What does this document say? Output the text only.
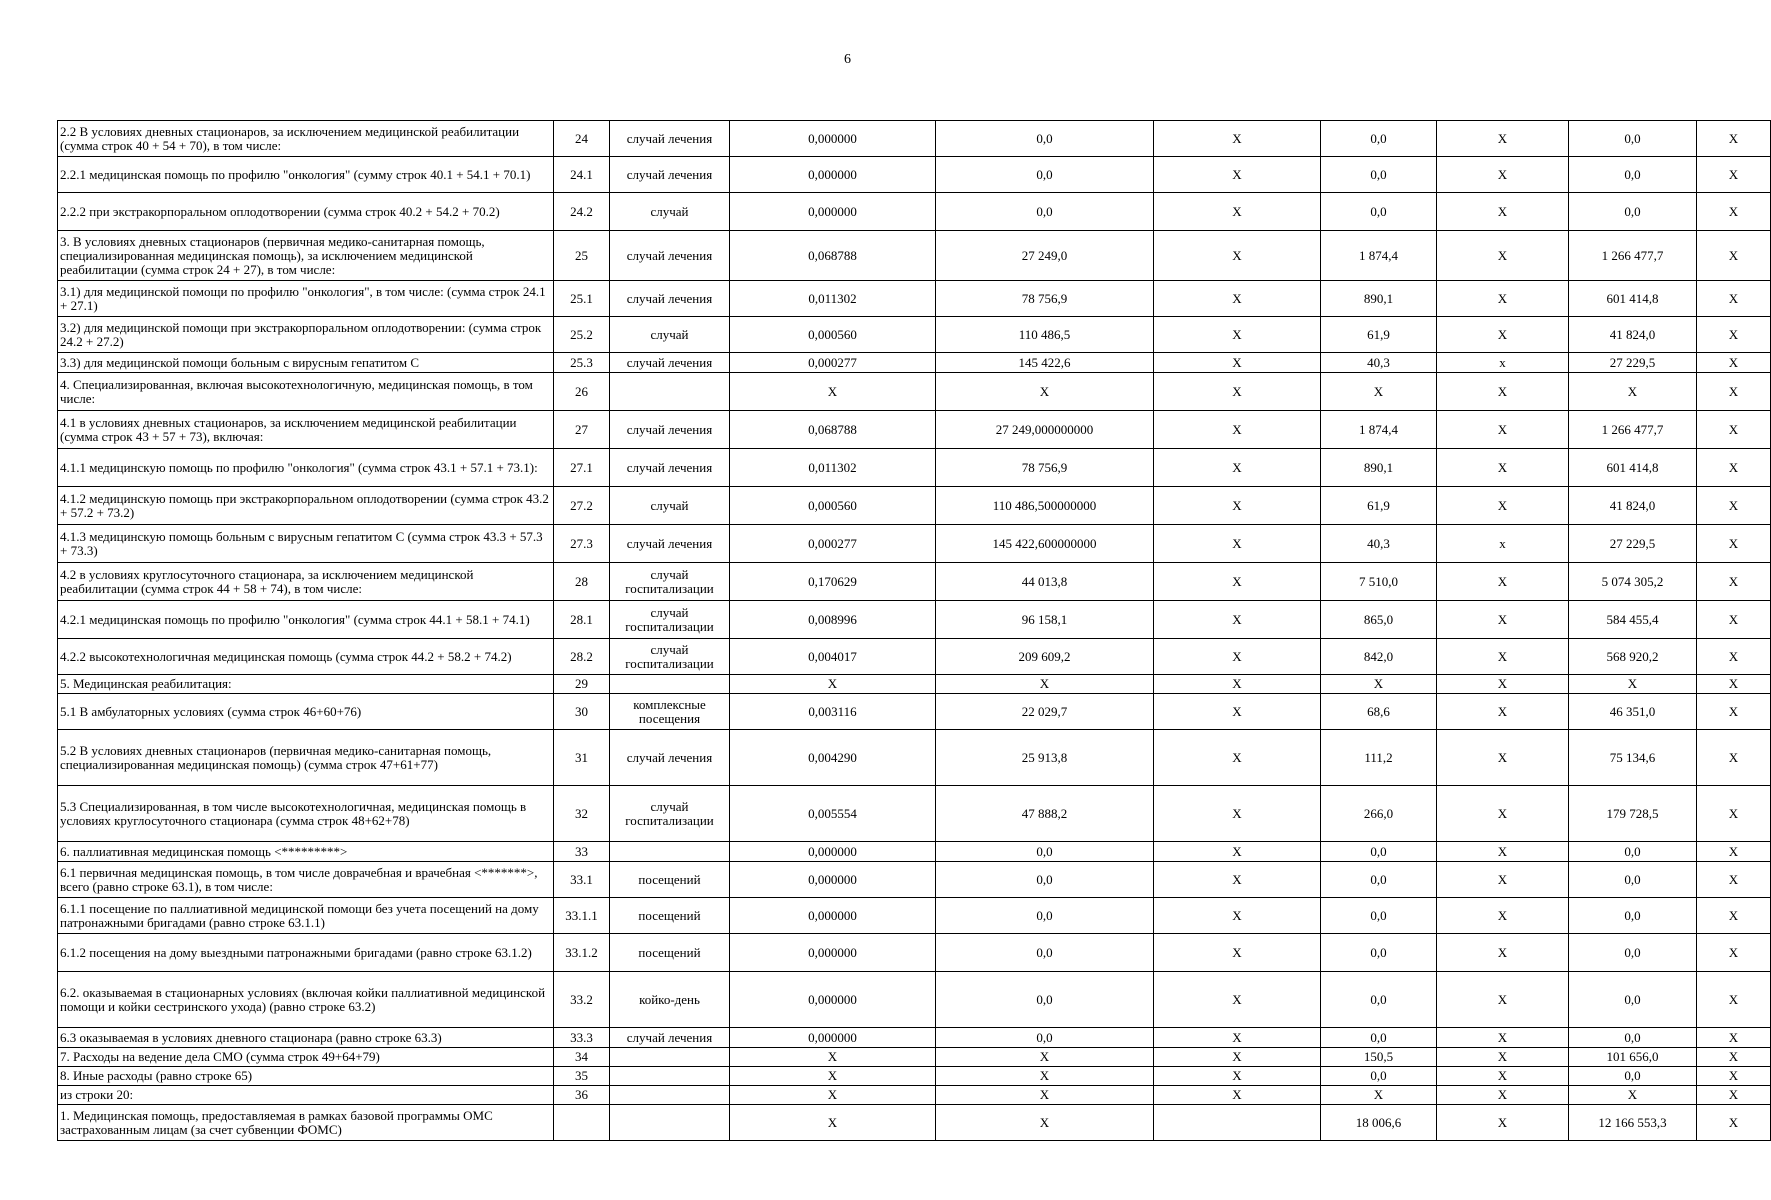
6
2.2 В условиях дневных стационаров, за исключением медицинской реабилитации (сумма строк 40 + 54 + 70), в том числе:	24	случай лечения	0,000000	0,0	X	0,0	X	0,0	X
2.2.1 медицинская помощь по профилю "онкология" (сумму строк 40.1 + 54.1 + 70.1)	24.1	случай лечения	0,000000	0,0	X	0,0	X	0,0	X
2.2.2 при экстракорпоральном оплодотворении (сумма строк 40.2 + 54.2 + 70.2)	24.2	случай	0,000000	0,0	X	0,0	X	0,0	X
3. В условиях дневных стационаров (первичная медико-санитарная помощь, специализированная медицинская помощь), за исключением медицинской реабилитации (сумма строк 24 + 27), в том числе:	25	случай лечения	0,068788	27 249,0	X	1 874,4	X	1 266 477,7	X
3.1) для медицинской помощи по профилю "онкология", в том числе: (сумма строк 24.1 + 27.1)	25.1	случай лечения	0,011302	78 756,9	X	890,1	X	601 414,8	X
3.2) для медицинской помощи при экстракорпоральном оплодотворении: (сумма строк 24.2 + 27.2)	25.2	случай	0,000560	110 486,5	X	61,9	X	41 824,0	X
3.3) для медицинской помощи больным с вирусным гепатитом С	25.3	случай лечения	0,000277	145 422,6	X	40,3	x	27 229,5	X
4. Специализированная, включая высокотехнологичную, медицинская помощь, в том числе:	26		X	X	X	X	X	X	X
4.1 в условиях дневных стационаров, за исключением медицинской реабилитации (сумма строк 43 + 57 + 73), включая:	27	случай лечения	0,068788	27 249,000000000	X	1 874,4	X	1 266 477,7	X
4.1.1 медицинскую помощь по профилю "онкология" (сумма строк 43.1 + 57.1 + 73.1):	27.1	случай лечения	0,011302	78 756,9	X	890,1	X	601 414,8	X
4.1.2 медицинскую помощь при экстракорпоральном оплодотворении (сумма строк 43.2 + 57.2 + 73.2)	27.2	случай	0,000560	110 486,500000000	X	61,9	X	41 824,0	X
4.1.3 медицинскую помощь больным с вирусным гепатитом С (сумма строк 43.3 + 57.3 + 73.3)	27.3	случай лечения	0,000277	145 422,600000000	X	40,3	x	27 229,5	X
4.2 в условиях круглосуточного стационара, за исключением медицинской реабилитации (сумма строк 44 + 58 + 74), в том числе:	28	случай госпитализации	0,170629	44 013,8	X	7 510,0	X	5 074 305,2	X
4.2.1 медицинская помощь по профилю "онкология" (сумма строк 44.1 + 58.1 + 74.1)	28.1	случай госпитализации	0,008996	96 158,1	X	865,0	X	584 455,4	X
4.2.2 высокотехнологичная медицинская помощь (сумма строк 44.2 + 58.2 + 74.2)	28.2	случай госпитализации	0,004017	209 609,2	X	842,0	X	568 920,2	X
5. Медицинская реабилитация:	29		X	X	X	X	X	X	X
5.1 В амбулаторных условиях (сумма строк 46+60+76)	30	комплексные посещения	0,003116	22 029,7	X	68,6	X	46 351,0	X
5.2 В условиях дневных стационаров (первичная медико-санитарная помощь, специализированная медицинская помощь) (сумма строк 47+61+77)	31	случай лечения	0,004290	25 913,8	X	111,2	X	75 134,6	X
5.3 Специализированная, в том числе высокотехнологичная, медицинская помощь в условиях круглосуточного стационара (сумма строк 48+62+78)	32	случай госпитализации	0,005554	47 888,2	X	266,0	X	179 728,5	X
6. паллиативная медицинская помощь <*********>	33		0,000000	0,0	X	0,0	X	0,0	X
6.1 первичная медицинская помощь, в том числе доврачебная и врачебная <*******>, всего (равно строке 63.1), в том числе:	33.1	посещений	0,000000	0,0	X	0,0	X	0,0	X
6.1.1 посещение по паллиативной медицинской помощи без учета посещений на дому патронажными бригадами (равно строке 63.1.1)	33.1.1	посещений	0,000000	0,0	X	0,0	X	0,0	X
6.1.2 посещения на дому выездными патронажными бригадами (равно строке 63.1.2)	33.1.2	посещений	0,000000	0,0	X	0,0	X	0,0	X
6.2. оказываемая в стационарных условиях (включая койки паллиативной медицинской помощи и койки сестринского ухода) (равно строке 63.2)	33.2	койко-день	0,000000	0,0	X	0,0	X	0,0	X
6.3 оказываемая в условиях дневного стационара (равно строке 63.3)	33.3	случай лечения	0,000000	0,0	X	0,0	X	0,0	X
7. Расходы на ведение дела СМО (сумма строк 49+64+79)	34		X	X	X	150,5	X	101 656,0	X
8. Иные расходы (равно строке 65)	35		X	X	X	0,0	X	0,0	X
из строки 20:	36		X	X	X	X	X	X	X
1. Медицинская помощь, предоставляемая в рамках базовой программы ОМС застрахованным лицам (за счет субвенции ФОМС)			X	X		18 006,6	X	12 166 553,3	X
